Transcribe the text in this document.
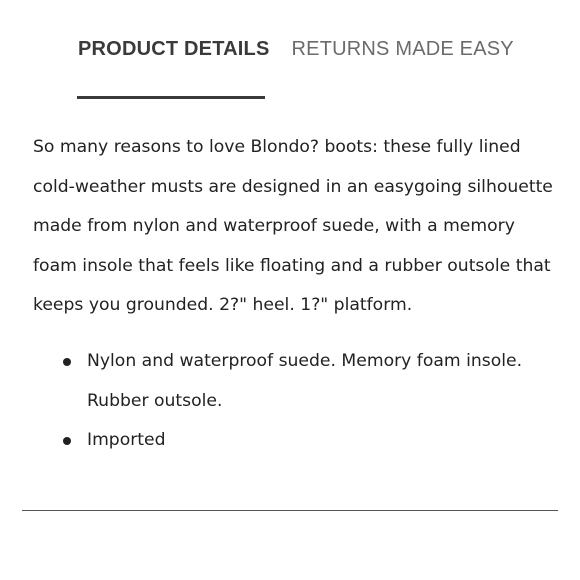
PRODUCT DETAILS RETURNS MADE EASY

So many reasons to love Blondo? boots: these fully lined cold-weather musts are designed in an easygoing silhouette made from nylon and waterproof suede, with a memory foam insole that feels like floating and a rubber outsole that keeps you grounded. 2?" heel. 1?" platform.

Nylon and waterproof suede. Memory foam insole. Rubber outsole.
Imported
